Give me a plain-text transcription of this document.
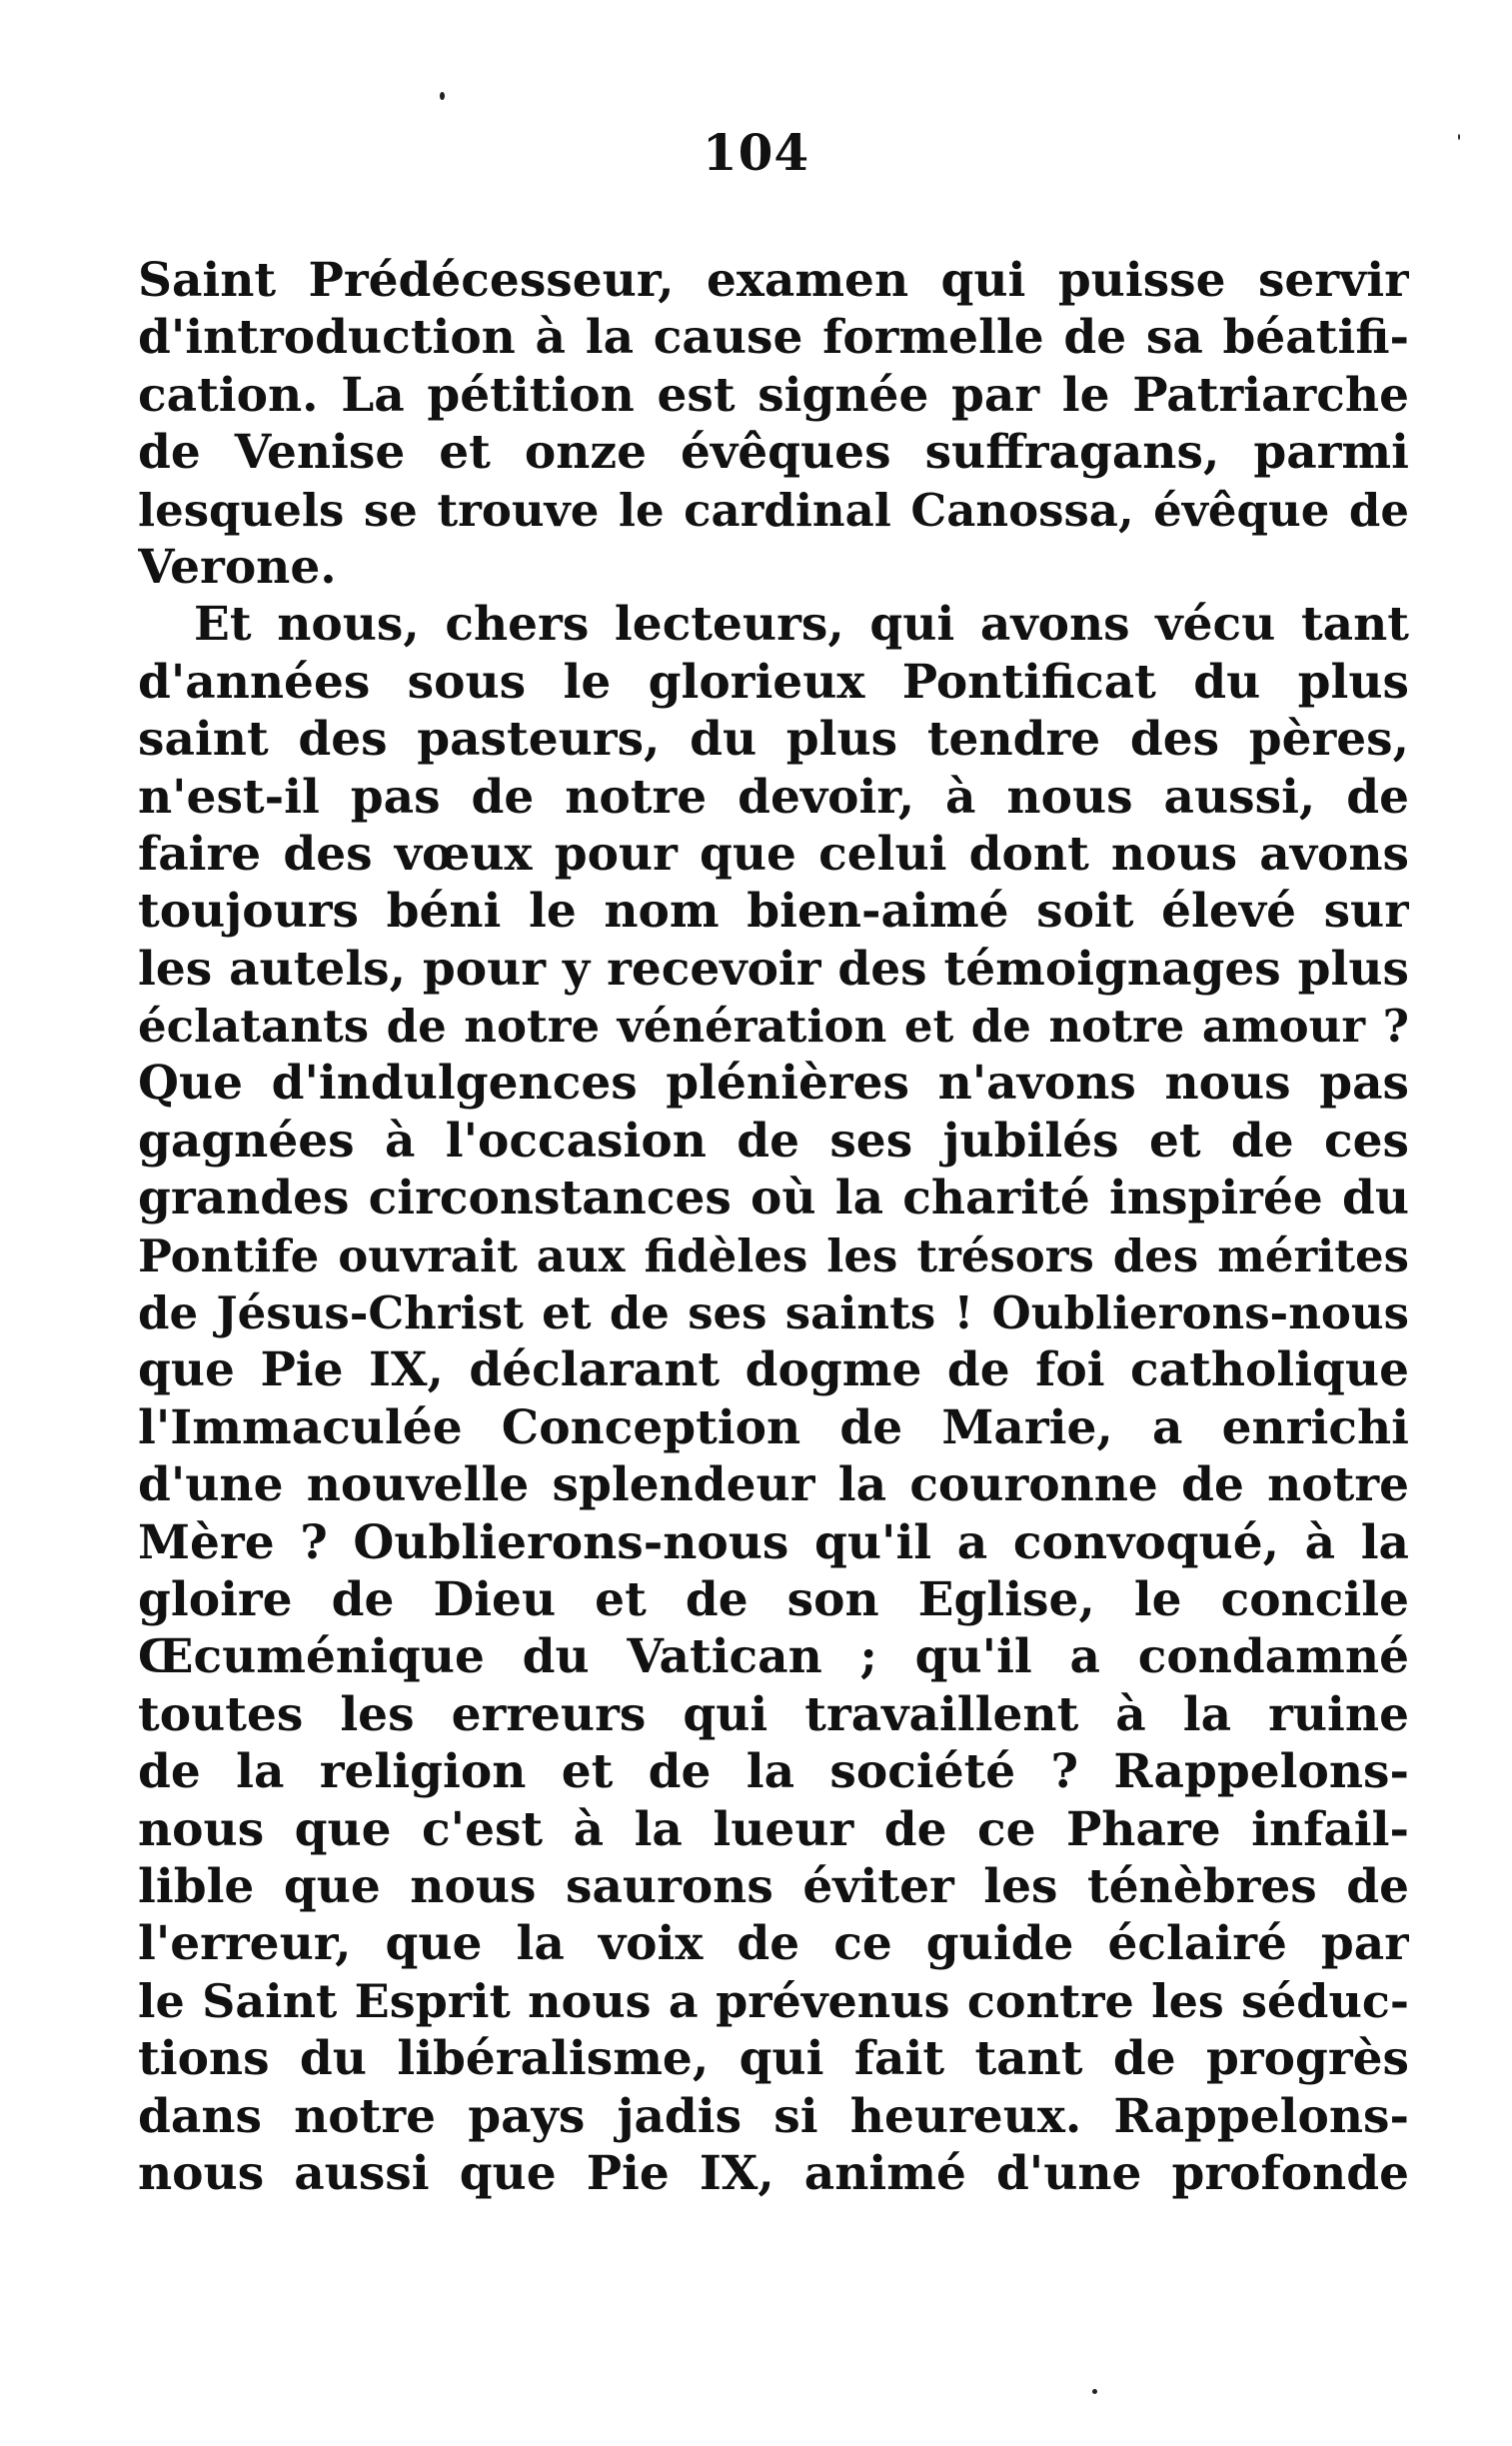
104
Saint Prédécesseur, examen qui puisse servir
d'introduction à la cause formelle de sa béatifi-
cation. La pétition est signée par le Patriarche
de Venise et onze évêques suffragans, parmi
lesquels se trouve le cardinal Canossa, évêque de
Verone.
Et nous, chers lecteurs, qui avons vécu tant
d'années sous le glorieux Pontificat du plus
saint des pasteurs, du plus tendre des pères,
n'est-il pas de notre devoir, à nous aussi, de
faire des vœux pour que celui dont nous avons
toujours béni le nom bien-aimé soit élevé sur
les autels, pour y recevoir des témoignages plus
éclatants de notre vénération et de notre amour ?
Que d'indulgences plénières n'avons nous pas
gagnées à l'occasion de ses jubilés et de ces
grandes circonstances où la charité inspirée du
Pontife ouvrait aux fidèles les trésors des mérites
de Jésus-Christ et de ses saints ! Oublierons-nous
que Pie IX, déclarant dogme de foi catholique
l'Immaculée Conception de Marie, a enrichi
d'une nouvelle splendeur la couronne de notre
Mère ? Oublierons-nous qu'il a convoqué, à la
gloire de Dieu et de son Eglise, le concile
Œcuménique du Vatican ; qu'il a condamné
toutes les erreurs qui travaillent à la ruine
de la religion et de la société ? Rappelons-
nous que c'est à la lueur de ce Phare infail-
lible que nous saurons éviter les ténèbres de
l'erreur, que la voix de ce guide éclairé par
le Saint Esprit nous a prévenus contre les séduc-
tions du libéralisme, qui fait tant de progrès
dans notre pays jadis si heureux. Rappelons-
nous aussi que Pie IX, animé d'une profonde
